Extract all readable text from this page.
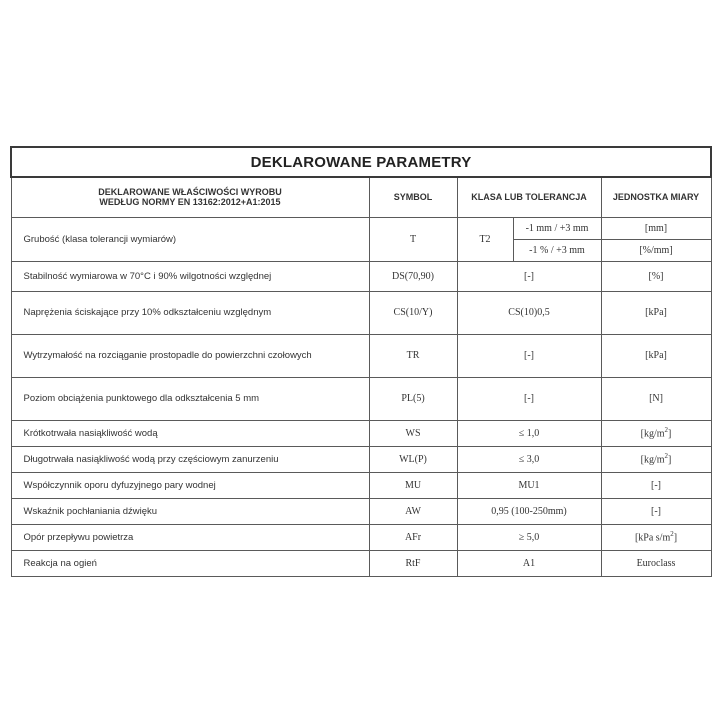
DEKLAROWANE PARAMETRY				

DEKLAROWANE WŁAŚCIWOŚCI WYROBU
WEDŁUG NORMY EN 13162:2012+A1:2015	SYMBOL	KLASA LUB TOLERANCJA		JEDNOSTKA MIARY
Grubość (klasa tolerancji wymiarów)	T	T2	-1 mm / +3 mm	[mm]
			-1 % / +3 mm	[%/mm]
Stabilność wymiarowa w 70°C i 90% wilgotności względnej	DS(70,90)	[-]		[%]
Naprężenia ściskające przy 10% odkształceniu względnym	CS(10/Y)	CS(10)0,5		[kPa]
Wytrzymałość na rozciąganie prostopadle do powierzchni czołowych	TR	[-]		[kPa]
Poziom obciążenia punktowego dla odkształcenia 5 mm	PL(5)	[-]		[N]
Krótkotrwała nasiąkliwość wodą	WS	≤ 1,0		$[kg/m^2]$
Długotrwała nasiąkliwość wodą przy częściowym zanurzeniu	WL(P)	≤ 3,0		$[kg/m^2]$
Współczynnik oporu dyfuzyjnego pary wodnej	MU	MU1		[-]
Wskaźnik pochłaniania dźwięku	AW	0,95 (100-250mm)		[-]
Opór przepływu powietrza	AFr	≥ 5,0		[kPa $s/m^2$]
Reakcja na ogień	RtF	A1		Euroclass
